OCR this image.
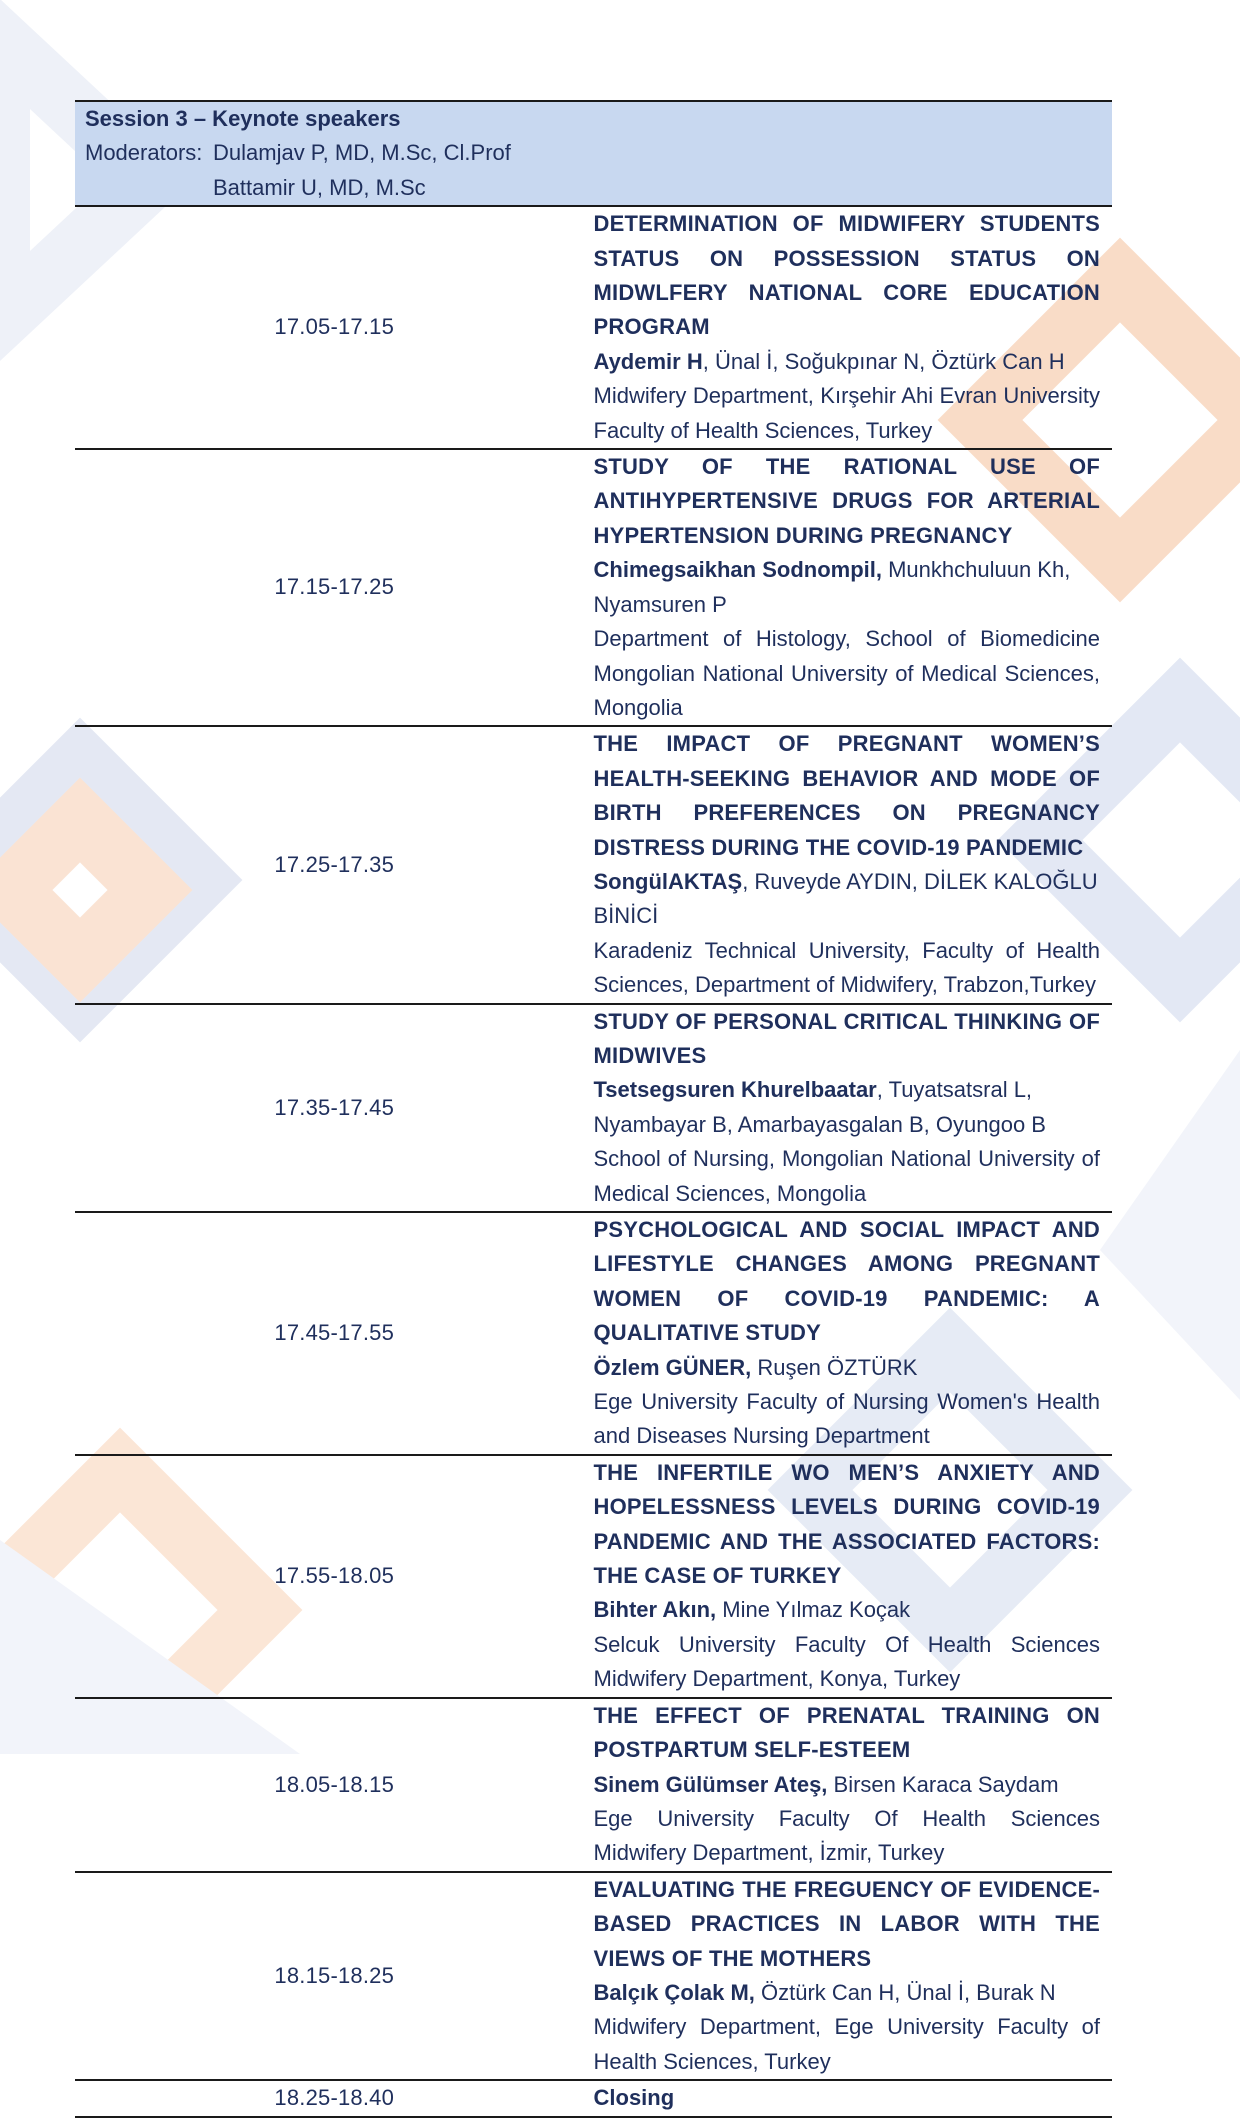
Session 3 – Keynote speakers
Moderators: Dulamjav P, MD, M.Sc, Cl.Prof
Battamir U, MD, M.Sc	

17.05-17.15	DETERMINATION OF MIDWIFERY STUDENTS STATUS ON POSSESSION STATUS ON MIDWLFERY NATIONAL CORE EDUCATION PROGRAM
Aydemir H, Ünal İ, Soğukpınar N, Öztürk Can H
Midwifery Department, Kırşehir Ahi Evran University Faculty of Health Sciences, Turkey

17.15-17.25	STUDY OF THE RATIONAL USE OF ANTIHYPERTENSIVE DRUGS FOR ARTERIAL HYPERTENSION DURING PREGNANCY
Chimegsaikhan Sodnompil, Munkhchuluun Kh, Nyamsuren P
Department of Histology, School of Biomedicine Mongolian National University of Medical Sciences, Mongolia

17.25-17.35	THE IMPACT OF PREGNANT WOMEN’S HEALTH-SEEKING BEHAVIOR AND MODE OF BIRTH PREFERENCES ON PREGNANCY DISTRESS DURING THE COVID-19 PANDEMIC
SongülAKTAŞ, Ruveyde AYDIN, DİLEK KALOĞLU BİNİCİ
Karadeniz Technical University, Faculty of Health Sciences, Department of Midwifery, Trabzon,Turkey

17.35-17.45	STUDY OF PERSONAL CRITICAL THINKING OF MIDWIVES
Tsetsegsuren Khurelbaatar, Tuyatsatsral L, Nyambayar B, Amarbayasgalan B, Oyungoo B
School of Nursing, Mongolian National University of Medical Sciences, Mongolia

17.45-17.55	PSYCHOLOGICAL AND SOCIAL IMPACT AND LIFESTYLE CHANGES AMONG PREGNANT WOMEN OF COVID-19 PANDEMIC: A QUALITATIVE STUDY
Özlem GÜNER, Ruşen ÖZTÜRK
Ege University Faculty of Nursing Women's Health and Diseases Nursing Department

17.55-18.05	THE INFERTILE WO MEN’S ANXIETY AND HOPELESSNESS LEVELS DURING COVID-19 PANDEMIC AND THE ASSOCIATED FACTORS: THE CASE OF TURKEY
Bihter Akın, Mine Yılmaz Koçak
Selcuk University Faculty Of Health Sciences Midwifery Department, Konya, Turkey

18.05-18.15	THE EFFECT OF PRENATAL TRAINING ON POSTPARTUM SELF-ESTEEM
Sinem Gülümser Ateş, Birsen Karaca Saydam
Ege University Faculty Of Health Sciences Midwifery Department, İzmir, Turkey

18.15-18.25	EVALUATING THE FREGUENCY OF EVIDENCE-BASED PRACTICES IN LABOR WITH THE VIEWS OF THE MOTHERS
Balçık Çolak M, Öztürk Can H, Ünal İ, Burak N
Midwifery Department, Ege University Faculty of Health Sciences, Turkey

18.25-18.40	Closing
